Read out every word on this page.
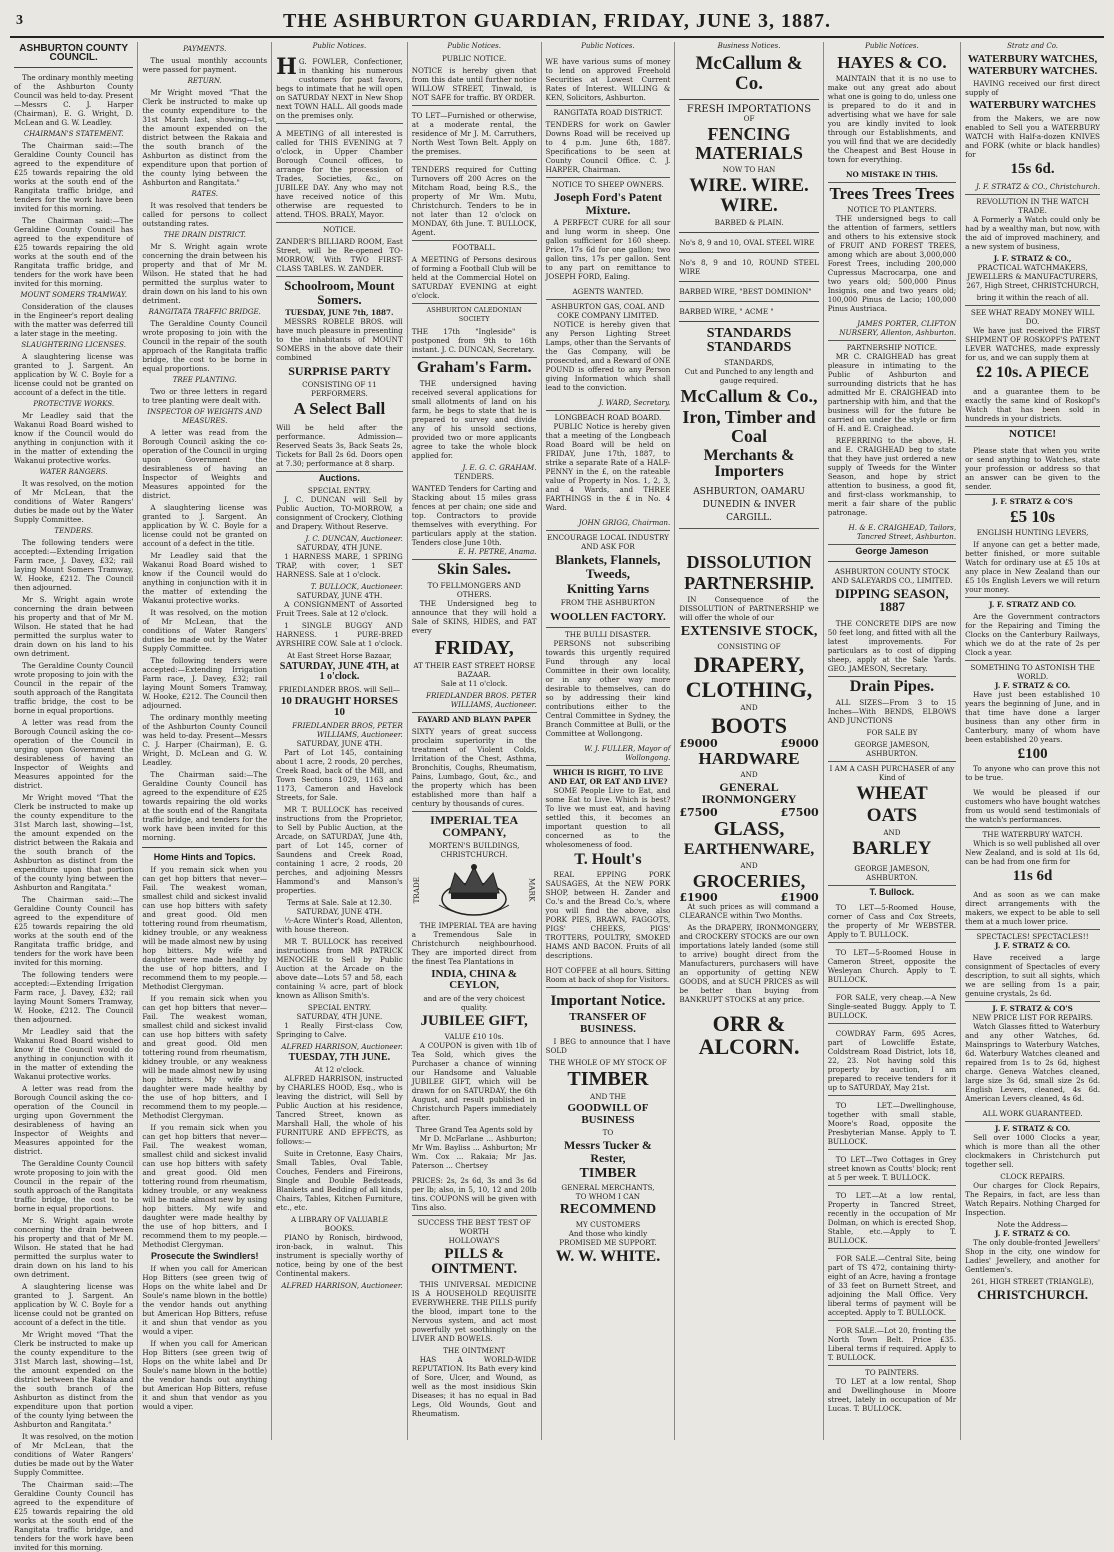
3	THE ASHBURTON GUARDIAN, FRIDAY, JUNE 3, 1887.
ASHBURTON COUNTY COUNCIL.

The ordinary monthly meeting of the Ashburton County Council was held to-day. Present—Messrs C. J. Harper (Chairman), E. G. Wright, D. McLean and G. W. Leadley.

CHAIRMAN'S STATEMENT.

The Chairman said:—The Geraldine County Council has agreed to the expenditure of £25 towards repairing the old works at the south end of the Rangitata traffic bridge, and tenders for the work have been invited for this morning.

The Chairman said:—The Geraldine County Council has agreed to the expenditure of £25 towards repairing the old works at the south end of the Rangitata traffic bridge, and tenders for the work have been invited for this morning.

MOUNT SOMERS TRAMWAY.

Consideration of the clauses in the Engineer's report dealing with the matter was deferred till a later stage in the meeting.

SLAUGHTERING LICENSES.

A slaughtering license was granted to J. Sargent. An application by W. C. Boyle for a license could not be granted on account of a defect in the title.

PROTECTIVE WORKS.

Mr Leadley said that the Wakanui Road Board wished to know if the Council would do anything in conjunction with it in the matter of extending the Wakanui protective works.

WATER RANGERS.

It was resolved, on the motion of Mr McLean, that the conditions of Water Rangers' duties be made out by the Water Supply Committee.

TENDERS.

The following tenders were accepted:—Extending Irrigation Farm race, J. Davey, £32; rail laying Mount Somers Tramway, W. Hooke, £212. The Council then adjourned.

Mr S. Wright again wrote concerning the drain between his property and that of Mr M. Wilson. He stated that he had permitted the surplus water to drain down on his land to his own detriment.

The Geraldine County Council wrote proposing to join with the Council in the repair of the south approach of the Rangitata traffic bridge, the cost to be borne in equal proportions.

A letter was read from the Borough Council asking the co-operation of the Council in urging upon Government the desirableness of having an Inspector of Weights and Measures appointed for the district.

Mr Wright moved "That the Clerk be instructed to make up the county expenditure to the 31st March last, showing—1st, the amount expended on the district between the Rakaia and the south branch of the Ashburton as distinct from the expenditure upon that portion of the county lying between the Ashburton and Rangitata."

The Chairman said:—The Geraldine County Council has agreed to the expenditure of £25 towards repairing the old works at the south end of the Rangitata traffic bridge, and tenders for the work have been invited for this morning.

The following tenders were accepted:—Extending Irrigation Farm race, J. Davey, £32; rail laying Mount Somers Tramway, W. Hooke, £212. The Council then adjourned.

Mr Leadley said that the Wakanui Road Board wished to know if the Council would do anything in conjunction with it in the matter of extending the Wakanui protective works.

A letter was read from the Borough Council asking the co-operation of the Council in urging upon Government the desirableness of having an Inspector of Weights and Measures appointed for the district.

The Geraldine County Council wrote proposing to join with the Council in the repair of the south approach of the Rangitata traffic bridge, the cost to be borne in equal proportions.

Mr S. Wright again wrote concerning the drain between his property and that of Mr M. Wilson. He stated that he had permitted the surplus water to drain down on his land to his own detriment.

A slaughtering license was granted to J. Sargent. An application by W. C. Boyle for a license could not be granted on account of a defect in the title.

Mr Wright moved "That the Clerk be instructed to make up the county expenditure to the 31st March last, showing—1st, the amount expended on the district between the Rakaia and the south branch of the Ashburton as distinct from the expenditure upon that portion of the county lying between the Ashburton and Rangitata."

It was resolved, on the motion of Mr McLean, that the conditions of Water Rangers' duties be made out by the Water Supply Committee.

The Chairman said:—The Geraldine County Council has agreed to the expenditure of £25 towards repairing the old works at the south end of the Rangitata traffic bridge, and tenders for the work have been invited for this morning.

PAYMENTS.

The usual monthly accounts were passed for payment.

RETURN.

Mr Wright moved "That the Clerk be instructed to make up the county expenditure to the 31st March last, showing—1st, the amount expended on the district between the Rakaia and the south branch of the Ashburton as distinct from the expenditure upon that portion of the county lying between the Ashburton and Rangitata."

RATES.

It was resolved that tenders be called for persons to collect outstanding rates.

THE DRAIN DISTRICT.

Mr S. Wright again wrote concerning the drain between his property and that of Mr M. Wilson. He stated that he had permitted the surplus water to drain down on his land to his own detriment.

RANGITATA TRAFFIC BRIDGE.

The Geraldine County Council wrote proposing to join with the Council in the repair of the south approach of the Rangitata traffic bridge, the cost to be borne in equal proportions.

TREE PLANTING.

Two or three letters in regard to tree planting were dealt with.

INSPECTOR OF WEIGHTS AND MEASURES.

A letter was read from the Borough Council asking the co-operation of the Council in urging upon Government the desirableness of having an Inspector of Weights and Measures appointed for the district.

A slaughtering license was granted to J. Sargent. An application by W. C. Boyle for a license could not be granted on account of a defect in the title.

Mr Leadley said that the Wakanui Road Board wished to know if the Council would do anything in conjunction with it in the matter of extending the Wakanui protective works.

It was resolved, on the motion of Mr McLean, that the conditions of Water Rangers' duties be made out by the Water Supply Committee.

The following tenders were accepted:—Extending Irrigation Farm race, J. Davey, £32; rail laying Mount Somers Tramway, W. Hooke, £212. The Council then adjourned.

The ordinary monthly meeting of the Ashburton County Council was held to-day. Present—Messrs C. J. Harper (Chairman), E. G. Wright, D. McLean and G. W. Leadley.

The Chairman said:—The Geraldine County Council has agreed to the expenditure of £25 towards repairing the old works at the south end of the Rangitata traffic bridge, and tenders for the work have been invited for this morning.

Home Hints and Topics.

If you remain sick when you can get hop bitters that never—Fail. The weakest woman, smallest child and sickest invalid can use hop bitters with safety and great good. Old men tottering round from rheumatism, kidney trouble, or any weakness will be made almost new by using hop bitters. My wife and daughter were made healthy by the use of hop bitters, and I recommend them to my people.—Methodist Clergyman.

If you remain sick when you can get hop bitters that never—Fail. The weakest woman, smallest child and sickest invalid can use hop bitters with safety and great good. Old men tottering round from rheumatism, kidney trouble, or any weakness will be made almost new by using hop bitters. My wife and daughter were made healthy by the use of hop bitters, and I recommend them to my people.—Methodist Clergyman.

If you remain sick when you can get hop bitters that never—Fail. The weakest woman, smallest child and sickest invalid can use hop bitters with safety and great good. Old men tottering round from rheumatism, kidney trouble, or any weakness will be made almost new by using hop bitters. My wife and daughter were made healthy by the use of hop bitters, and I recommend them to my people.—Methodist Clergyman.

Prosecute the Swindlers!

If when you call for American Hop Bitters (see green twig of Hops on the white label and Dr Soule's name blown in the bottle) the vendor hands out anything but American Hop Bitters, refuse it and shun that vendor as you would a viper.

If when you call for American Hop Bitters (see green twig of Hops on the white label and Dr Soule's name blown in the bottle) the vendor hands out anything but American Hop Bitters, refuse it and shun that vendor as you would a viper.

Public Notices.
H G. FOWLER, Confectioner, in thanking his numerous customers for past favors, begs to intimate that he will open on SATURDAY NEXT in New Shop next TOWN HALL. All goods made on the premises only.
A MEETING of all interested is called for THIS EVENING at 7 o'clock, in Upper Chamber Borough Council offices, to arrange for the procession of Trades, Societies, &c., on JUBILEE DAY. Any who may not have received notice of this otherwise are requested to attend. THOS. BRALY, Mayor.
NOTICE.
ZANDER'S BILLIARD ROOM, East Street, will be Re-opened TO-MORROW, With TWO FIRST-CLASS TABLES. W. ZANDER.
Schoolroom, Mount Somers.
TUESDAY, JUNE 7th, 1887.

MESSRS ROBELE BROS. will have much pleasure in presenting to the inhabitants of MOUNT SOMERS in the above date their combined

SURPRISE PARTY
CONSISTING OF 11 PERFORMERS.
A Select Ball
Will be held after the performance. Admission—Reserved Seats 3s, Back Seats 2s, Tickets for Ball 2s 6d. Doors open at 7.30; performance at 8 sharp.
Auctions.
SPECIAL ENTRY.

J. C. DUNCAN will Sell by Public Auction, TO-MORROW, a consignment of Crockery, Clothing and Drapery. Without Reserve.

J. C. DUNCAN, Auctioneer.
SATURDAY, 4TH JUNE.

1 HARNESS MARE, 1 SPRING TRAP, with cover, 1 SET HARNESS. Sale at 1 o'clock.

T. BULLOCK, Auctioneer.
SATURDAY, JUNE 4TH.

A CONSIGNMENT of Assorted Fruit Trees. Sale at 12 o'clock.

1 SINGLE BUGGY AND HARNESS. 1 PURE-BRED AYRSHIRE COW. Sale at 1 o'clock.

At East Street Horse Bazaar,
SATURDAY, JUNE 4TH, at 1 o'clock.
FRIEDLANDER BROS. will Sell—
10 DRAUGHT HORSES 10
FRIEDLANDER BROS, PETER WILLIAMS, Auctioneer.
SATURDAY, JUNE 4TH.

Part of Lot 145, containing about 1 acre, 2 roods, 20 perches, Creek Road, back of the Mill, and Town Sections 1029, 1163 and 1173, Cameron and Havelock Streets, for Sale.

MR T. BULLOCK has received instructions from the Proprietor, to Sell by Public Auction, at the Arcade, on SATURDAY, June 4th, part of Lot 145, corner of Saundens and Creek Road, containing 1 acre, 2 roods, 20 perches, and adjoining Messrs Hammond's and Manson's properties.

Terms at Sale. Sale at 12.30.
SATURDAY, JUNE 4TH.

½-Acre Winter's Road, Allenton, with house thereon.

MR T. BULLOCK has received instructions from MR PATRICK MENOCHE to Sell by Public Auction at the Arcade on the above date—Lots 57 and 58, each containing ¼ acre, part of block known as Allison Smith's.

SPECIAL ENTRY.
SATURDAY, 4TH JUNE.

1 Really First-class Cow, Springing to Calve.

ALFRED HARRISON, Auctioneer.
TUESDAY, 7TH JUNE.
At 12 o'clock.

ALFRED HARRISON, instructed by CHARLES HOOD, Esq., who is leaving the district, will Sell by Public Auction at his residence, Tancred Street, known as Marshall Hall, the whole of his FURNITURE AND EFFECTS, as follows:—

Suite in Cretonne, Easy Chairs, Small Tables, Oval Table, Couches, Fenders and Fireirons, Single and Double Bedsteads, Blankets and Bedding of all kinds, Chairs, Tables, Kitchen Furniture, etc., etc.

A LIBRARY OF VALUABLE BOOKS.

PIANO by Ronisch, birdwood, iron-back, in walnut. This instrument is specially worthy of notice, being by one of the best Continental makers.

ALFRED HARRISON, Auctioneer.
Public Notices.
PUBLIC NOTICE.
NOTICE is hereby given that from this date until further notice WILLOW STREET, Tinwald, is NOT SAFE for traffic. BY ORDER.
TO LET—Furnished or otherwise, at a moderate rental, the residence of Mr J. M. Carruthers, North West Town Belt. Apply on the premises.
TENDERS required for Cutting Turnovers off 200 Acres on the Mitcham Road, being R.S., the property of Mr Wm. Mutu, Christchurch. Tenders to be in not later than 12 o'clock on MONDAY, 6th June. T. BULLOCK, Agent.
FOOTBALL.
A MEETING of Persons desirous of forming a Football Club will be held at the Commercial Hotel on SATURDAY EVENING at eight o'clock.
ASHBURTON CALEDONIAN SOCIETY
THE 17th "Ingleside" is postponed from 9th to 16th instant. J. C. DUNCAN, Secretary.
Graham's Farm.

THE undersigned having received several applications for small allotments of land on his farm, he begs to state that he is prepared to survey and divide any of his unsold sections, provided two or more applicants agree to take the whole block applied for.

J. E. G. C. GRAHAM.
TENDERS.
WANTED Tenders for Carting and Stacking about 15 miles grass fences at per chain; one side and top. Contractors to provide themselves with everything. For particulars apply at the station. Tenders close June 10th.
E. H. PETRE, Anama.
Skin Sales.
TO FELLMONGERS AND OTHERS.

THE Undersigned beg to announce that they will hold a Sale of SKINS, HIDES, and FAT every

FRIDAY,
AT THEIR EAST STREET HORSE BAZAAR.
Sale at 11 o'clock.
FRIEDLANDER BROS. PETER WILLIAMS, Auctioneer.
FAYARD AND BLAYN PAPER
SIXTY years of great success proclaim superiority in the treatment of Violent Colds, Irritation of the Chest, Asthma, Bronchitis, Coughs, Rheumatism, Pains, Lumbago, Gout, &c., and the property which has been established more than half a century by thousands of cures.
IMPERIAL TEA COMPANY,
MORTEN'S BUILDINGS, CHRISTCHURCH.
TRADE	MARK

THE IMPERIAL TEA are having a Tremendous Sale in Christchurch neighbourhood. They are imported direct from the finest Tea Plantations in

INDIA, CHINA & CEYLON,
and are of the very choicest quality.
JUBILEE GIFT,
VALUE £10 10s.

A COUPON is given with 1lb of Tea Sold, which gives the Purchaser a chance of winning our Handsome and Valuable JUBILEE GIFT, which will be drawn for on SATURDAY, the 6th August, and result published in Christchurch Papers immediately after.

Three Grand Tea Agents sold by

Mr D. McFarlane ... Ashburton; Mr Wm. Bayliss ... Ashburton; Mr Wm. Cox ... Rakaia; Mr Jas. Paterson ... Chertsey

PRICES: 2s, 2s 6d, 3s and 3s 6d per lb; also, in 5, 10, 12 and 20lb tins. COUPONS will be given with Tins also.
SUCCESS THE BEST TEST OF WORTH
HOLLOWAY'S
PILLS & OINTMENT.

THIS UNIVERSAL MEDICINE IS A HOUSEHOLD REQUISITE EVERYWHERE. THE PILLS purify the blood, impart tone to the Nervous system, and act most powerfully yet soothingly on the LIVER AND BOWELS.

THE OINTMENT

HAS A WORLD-WIDE REPUTATION. Its Bath every kind of Sore, Ulcer, and Wound, as well as the most insidious Skin Diseases; it has no equal in Bad Legs, Old Wounds, Gout and Rheumatism.

Public Notices.
WE have various sums of money to lend on approved Freehold Securities at Lowest Current Rates of Interest. WILLING & KEN, Solicitors, Ashburton.
RANGITATA ROAD DISTRICT.
TENDERS for work on Gawler Downs Road will be received up to 4 p.m. June 6th, 1887. Specifications to be seen at County Council Office. C. J. HARPER, Chairman.
NOTICE TO SHEEP OWNERS.
Joseph Ford's Patent Mixture.

A PERFECT CURE for all sour and lung worm in sheep. One gallon sufficient for 160 sheep. Price, 17s 6d for one gallon; two gallon tins, 17s per gallon. Sent to any part on remittance to JOSEPH FORD, Ealing.

AGENTS WANTED.
ASHBURTON GAS, COAL AND COKE COMPANY LIMITED.

NOTICE is hereby given that any Person Lighting Street Lamps, other than the Servants of the Gas Company, will be prosecuted, and a Reward of ONE POUND is offered to any Person giving Information which shall lead to the conviction.

J. WARD, Secretary.
LONGBEACH ROAD BOARD.

PUBLIC Notice is hereby given that a meeting of the Longbeach Road Board will be held on FRIDAY, June 17th, 1887, to strike a separate Rate of a HALF-PENNY in the £, on the rateable value of Property in Nos. 1, 2, 3, and 4 Wards, and THREE FARTHINGS in the £ in No. 4 Ward.

JOHN GRIGG, Chairman.
ENCOURAGE LOCAL INDUSTRY
AND ASK FOR
Blankets, Flannels, Tweeds,
Knitting Yarns
FROM THE ASHBURTON
WOOLLEN FACTORY.
THE BULLI DISASTER.

PERSONS not subscribing towards this urgently required Fund through any local Committee in their own locality, or in any other way more desirable to themselves, can do so by addressing their kind contributions either to the Central Committee in Sydney, the Branch Committee at Bulli, or the Committee at Wollongong.

W. J. FULLER, Mayor of Wollongong.
WHICH IS RIGHT, TO LIVE AND EAT, OR EAT AND LIVE?

SOME People Live to Eat, and some Eat to Live. Which is best? To live we must eat, and having settled this, it becomes an important question to all concerned as to the wholesomeness of food.

T. Hoult's

REAL EPPING PORK SAUSAGES, At the NEW PORK SHOP, between H. Zander and Co.'s and the Bread Co.'s, where you will find the above, also PORK PIES, BRAWN, FAGGOTS, PIGS' CHEEKS, PIGS' TROTTERS, POULTRY, SMOKED HAMS AND BACON. Fruits of all descriptions.

HOT COFFEE at all hours. Sitting Room at back of shop for Visitors.
Important Notice.
TRANSFER OF BUSINESS.

I BEG to announce that I have SOLD

THE WHOLE OF MY STOCK OF
TIMBER
AND THE
GOODWILL OF BUSINESS
TO
Messrs Tucker & Rester,
TIMBER
GENERAL MERCHANTS,
TO WHOM I CAN
RECOMMEND
MY CUSTOMERS
And those who kindly
PROMISED ME SUPPORT.
W. W. WHITE.
Business Notices.
McCallum & Co.
FRESH IMPORTATIONS
OF
FENCING MATERIALS
NOW TO HAN
WIRE. WIRE. WIRE.
BARBED & PLAIN.
No's 8, 9 and 10, OVAL STEEL WIRE
No's 8, 9 and 10, ROUND STEEL WIRE
BARBED WIRE, "BEST DOMINION"
BARBED WIRE, " ACME "
STANDARDS STANDARDS
STANDARDS,
Cut and Punched to any length and gauge required.
McCallum & Co.,
Iron, Timber and Coal
Merchants & Importers
ASHBURTON, OAMARU DUNEDIN & INVER CARGILL.
DISSOLUTION
PARTNERSHIP.

IN Consequence of the DISSOLUTION of PARTNERSHIP we will offer the whole of our

EXTENSIVE STOCK,
CONSISTING OF
DRAPERY,
CLOTHING,
AND
BOOTS
£9000	£9000
HARDWARE
AND
GENERAL IRONMONGERY
£7500	£7500
GLASS,
EARTHENWARE,
AND
GROCERIES,
£1900	£1900

At such prices as will command a CLEARANCE within Two Months.

As the DRAPERY, IRONMONGERY, and CROCKERY STOCKS are our own importations lately landed (some still to arrive) bought direct from the Manufacturers, purchasers will have an opportunity of getting NEW GOODS, and at SUCH PRICES as will be better than buying from BANKRUPT STOCKS at any price.

ORR & ALCORN.
Public Notices.
HAYES & CO.

MAINTAIN that it is no use to make out any great ado about what one is going to do, unless one is prepared to do it and in advertising what we have for sale you are kindly invited to look through our Establishments, and you will find that we are decidedly the Cheapest and Best House in town for everything.

NO MISTAKE IN THIS.
Trees Trees Trees
NOTICE TO PLANTERS.

THE undersigned begs to call the attention of farmers, settlers and others to his extensive stock of FRUIT AND FOREST TREES, among which are about 3,000,000 Forest Trees, including 200,000 Cupressus Macrocarpa, one and two years old; 500,000 Pinus Insignis, one and two years old; 100,000 Pinus de Lacio; 100,000 Pinus Austriaca.

JAMES PORTER, CLIFTON NURSERY, Allenton, Ashburton.
PARTNERSHIP NOTICE.

MR C. CRAIGHEAD has great pleasure in intimating to the Public of Ashburton and surrounding districts that he has admitted Mr E. CRAIGHEAD into partnership with him, and that the business will for the future be carried on under the style or firm of H. and E. Craighead.

REFERRING to the above, H. and E. CRAIGHEAD beg to state that they have just ordered a new supply of Tweeds for the Winter Season, and hope by strict attention to business, a good fit, and first-class workmanship, to merit a fair share of the public patronage.

H. & E. CRAIGHEAD, Tailors, Tancred Street, Ashburton.
George Jameson
ASHBURTON COUNTY STOCK AND SALEYARDS CO., LIMITED.
DIPPING SEASON, 1887

THE CONCRETE DIPS are now 50 feet long, and fitted with all the latest improvements. For particulars as to cost of dipping sheep, apply at the Sale Yards. GEO. JAMESON, Secretary.

Drain Pipes.

ALL SIZES—From 3 to 15 Inches—With BENDS, ELBOWS AND JUNCTIONS

FOR SALE BY
GEORGE JAMESON, ASHBURTON.
I AM A CASH PURCHASER of any Kind of
WHEAT
OATS
AND
BARLEY
GEORGE JAMESON, ASHBURTON.
T. Bullock.

TO LET—5-Roomed House, corner of Cass and Cox Streets, the property of Mr WEBSTER. Apply to T. BULLOCK.

TO LET—5-Roomed House in Cameron Street, opposite the Wesleyan Church. Apply to T. BULLOCK.

FOR SALE, very cheap.—A New Single-seated Buggy. Apply to T. BULLOCK.

COWDRAY Farm, 695 Acres, part of Lowcliffe Estate, Coldstream Road District, lots 18, 22, 23. Not having sold this property by auction, I am prepared to receive tenders for it up to SATURDAY, May 21st.

TO LET.—Dwellinghouse, together with small stable, Moore's Road, opposite the Presbyterian Manse. Apply to T. BULLOCK.

TO LET—Two Cottages in Grey street known as Coutts' block; rent at 5 per week. T. BULLOCK.

TO LET.—At a low rental, Property in Tancred Street, recently in the occupation of Mr Dolman, on which is erected Shop, Stable, etc.—Apply to T. BULLOCK.

FOR SALE.—Central Site, being part of TS 472, containing thirty-eight of an Acre, having a frontage of 33 feet on Burnett Street, and adjoining the Mall Office. Very liberal terms of payment will be accepted. Apply to T. BULLOCK.

FOR SALE.—Lot 20, fronting the North Town Belt. Price £35. Liberal terms if required. Apply to T. BULLOCK.

TO PAINTERS.

TO LET at a low rental, Shop and Dwellinghouse in Moore street, lately in occupation of Mr Lucas. T. BULLOCK.

Stratz and Co.
WATERBURY WATCHES, WATERBURY WATCHES.

HAVING received our first direct supply of

WATERBURY WATCHES

from the Makers, we are now enabled to Sell you a WATERBURY WATCH with Half-a-dozen KNIVES and FORK (white or black handles) for

15s 6d.
J. F. STRATZ & CO., Christchurch.
REVOLUTION IN THE WATCH TRADE.

A Formerly a Watch could only be had by a wealthy man, but now, with the aid of improved machinery, and a new system of business,

J. F. STRATZ & CO.,
PRACTICAL WATCHMAKERS, JEWELLERS & MANUFACTURERS, 267, High Street, CHRISTCHURCH,
bring it within the reach of all.
SEE WHAT READY MONEY WILL DO.

We have just received the FIRST SHIPMENT OF ROSKOPF'S PATENT LEVER WATCHES, made expressly for us, and we can supply them at

£2 10s. A PIECE

and a guarantee them to be exactly the same kind of Roskopf's Watch that has been sold in hundreds in your districts.

NOTICE!

Please state that when you write or send anything to Watches, state your profession or address so that an answer can be given to the sender.

J. F. STRATZ & CO'S
£5 10s
ENGLISH HUNTING LEVERS,

If anyone can get a better made, better finished, or more suitable Watch for ordinary use at £5 10s at any place in New Zealand than our £5 10s English Levers we will return your money.

J. F. STRATZ AND CO.

Are the Government contractors for the Repairing and Timing the Clocks on the Canterbury Railways, which we do at the rate of 2s per Clock a year.

SOMETHING TO ASTONISH THE WORLD.
J. F. STRATZ & CO.

Have just been established 10 years the beginning of June, and in that time have done a larger business than any other firm in Canterbury, many of whom have been established 20 years.

£100

To anyone who can prove this not to be true.

We would be pleased if our customers who have bought watches from us would send testimonials of the watch's performances.

THE WATERBURY WATCH.

Which is so well published all over New Zealand, and is sold at 1ls 6d, can be had from one firm for

11s 6d

And as soon as we can make direct arrangements with the makers, we expect to be able to sell them at a much lower price.

SPECTACLES! SPECTACLES!!
J. F. STRATZ & CO.

Have received a large consignment of Spectacles of every description, to suit all sights, which we are selling from 1s a pair, genuine crystals, 2s 6d.

J. F. STRATZ & CO'S
NEW PRICE LIST FOR REPAIRS.

Watch Glasses fitted to Waterbury and any other Watches, 6d. Mainsprings to Waterbury Watches, 6d. Waterbury Watches cleaned and repaired from 1s to 2s 6d, highest charge. Geneva Watches cleaned, large size 3s 6d, small size 2s 6d. English Levers, cleaned, 4s 6d. American Levers cleaned, 4s 6d.

ALL WORK GUARANTEED.
J. F. STRATZ & CO.

Sell over 1000 Clocks a year, which is more than all the other clockmakers in Christchurch put together sell.

CLOCK REPAIRS.

Our charges for Clock Repairs, The Repairs, in fact, are less than Watch Repairs. Nothing Charged for Inspection.

Note the Address—
J. F. STRATZ & CO.

The only double-fronted Jewellers' Shop in the city, one window for Ladies' Jewellery, and another for Gentlemen's.

261, HIGH STREET (TRIANGLE),
CHRISTCHURCH.
